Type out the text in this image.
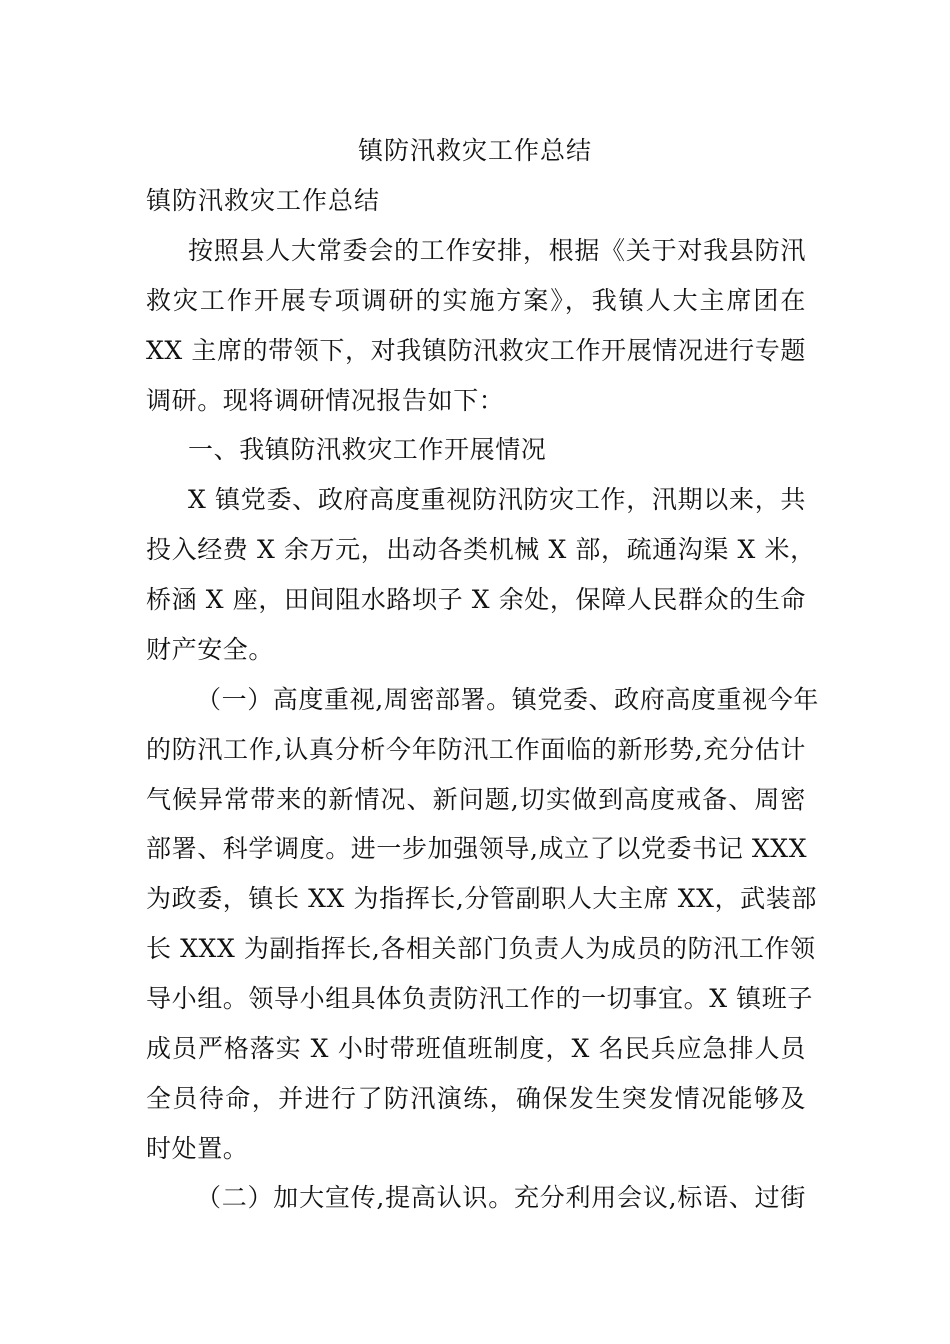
镇防汛救灾工作总结
镇防汛救灾工作总结
按照县人大常委会的工作安排，根据《关于对我县防汛
救灾工作开展专项调研的实施方案》，我镇人大主席团在
XX 主席的带领下，对我镇防汛救灾工作开展情况进行专题
调研。现将调研情况报告如下：
一、我镇防汛救灾工作开展情况
X 镇党委、政府高度重视防汛防灾工作，汛期以来，共
投入经费 X 余万元，出动各类机械 X 部，疏通沟渠 X 米，
桥涵 X 座，田间阻水路坝子 X 余处，保障人民群众的生命
财产安全。
（一）高度重视,周密部署。镇党委、政府高度重视今年
的防汛工作,认真分析今年防汛工作面临的新形势,充分估计
气候异常带来的新情况、新问题,切实做到高度戒备、周密
部署、科学调度。进一步加强领导,成立了以党委书记 XXX
为政委，镇长 XX 为指挥长,分管副职人大主席 XX，武装部
长 XXX 为副指挥长,各相关部门负责人为成员的防汛工作领
导小组。领导小组具体负责防汛工作的一切事宜。X 镇班子
成员严格落实 X 小时带班值班制度，X 名民兵应急排人员
全员待命，并进行了防汛演练，确保发生突发情况能够及
时处置。
（二）加大宣传,提高认识。充分利用会议,标语、过街
